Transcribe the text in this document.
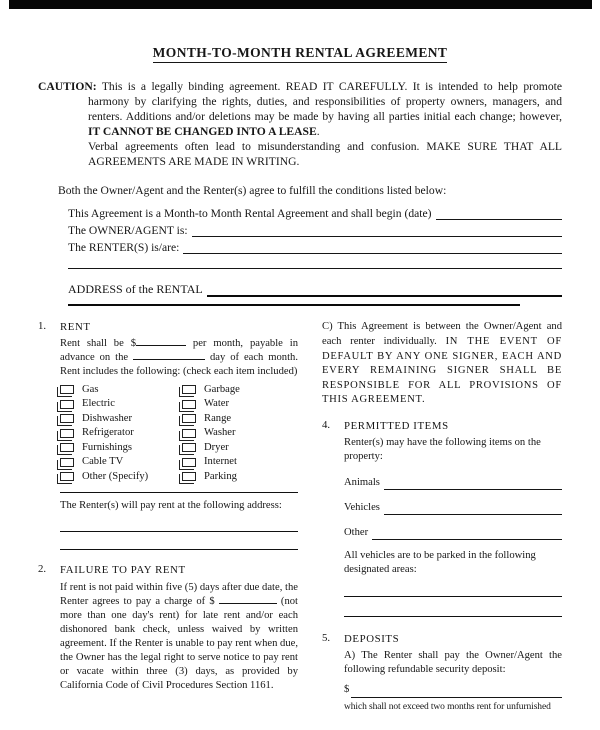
MONTH-TO-MONTH RENTAL AGREEMENT

CAUTION: This is a legally binding agreement. READ IT CAREFULLY. It is intended to help promote harmony by clarifying the rights, duties, and responsibilities of property owners, managers, and renters. Additions and/or deletions may be made by having all parties initial each change; however, IT CANNOT BE CHANGED INTO A LEASE.

Verbal agreements often lead to misunderstanding and confusion. MAKE SURE THAT ALL AGREEMENTS ARE MADE IN WRITING.

Both the Owner/Agent and the Renter(s) agree to fulfill the conditions listed below:
This Agreement is a Month-to Month Rental Agreement and shall begin (date)
The OWNER/AGENT is:
The RENTER(S) is/are:
ADDRESS of the RENTAL
1.	RENT

Rent shall be $	per month, payable in advance on the	day of each month. Rent includes the following: (check each item included)

Gas	Garbage
Electric	Water
Dishwasher	Range
Refrigerator	Washer
Furnishings	Dryer
Cable TV	Internet
Other (Specify)	Parking
The Renter(s) will pay rent at the following address:
2.	FAILURE TO PAY RENT

If rent is not paid within five (5) days after due date, the Renter agrees to pay a charge of $	(not more than one day's rent) for late rent and/or each dishonored bank check, unless waived by written agreement. If the Renter is unable to pay rent when due, the Owner has the legal right to serve notice to pay rent or vacate within three (3) days, as provided by California Code of Civil Procedures Section 1161.

C) This Agreement is between the Owner/Agent and each renter individually. IN THE EVENT OF DEFAULT BY ANY ONE SIGNER, EACH AND EVERY REMAINING SIGNER SHALL BE RESPONSIBLE FOR ALL PROVISIONS OF THIS AGREEMENT.

4.	PERMITTED ITEMS

Renter(s) may have the following items on the property:

Animals
Vehicles
Other

All vehicles are to be parked in the following designated areas:

5.	DEPOSITS

A) The Renter shall pay the Owner/Agent the following refundable security deposit:

$
which shall not exceed two months rent for unfurnished
